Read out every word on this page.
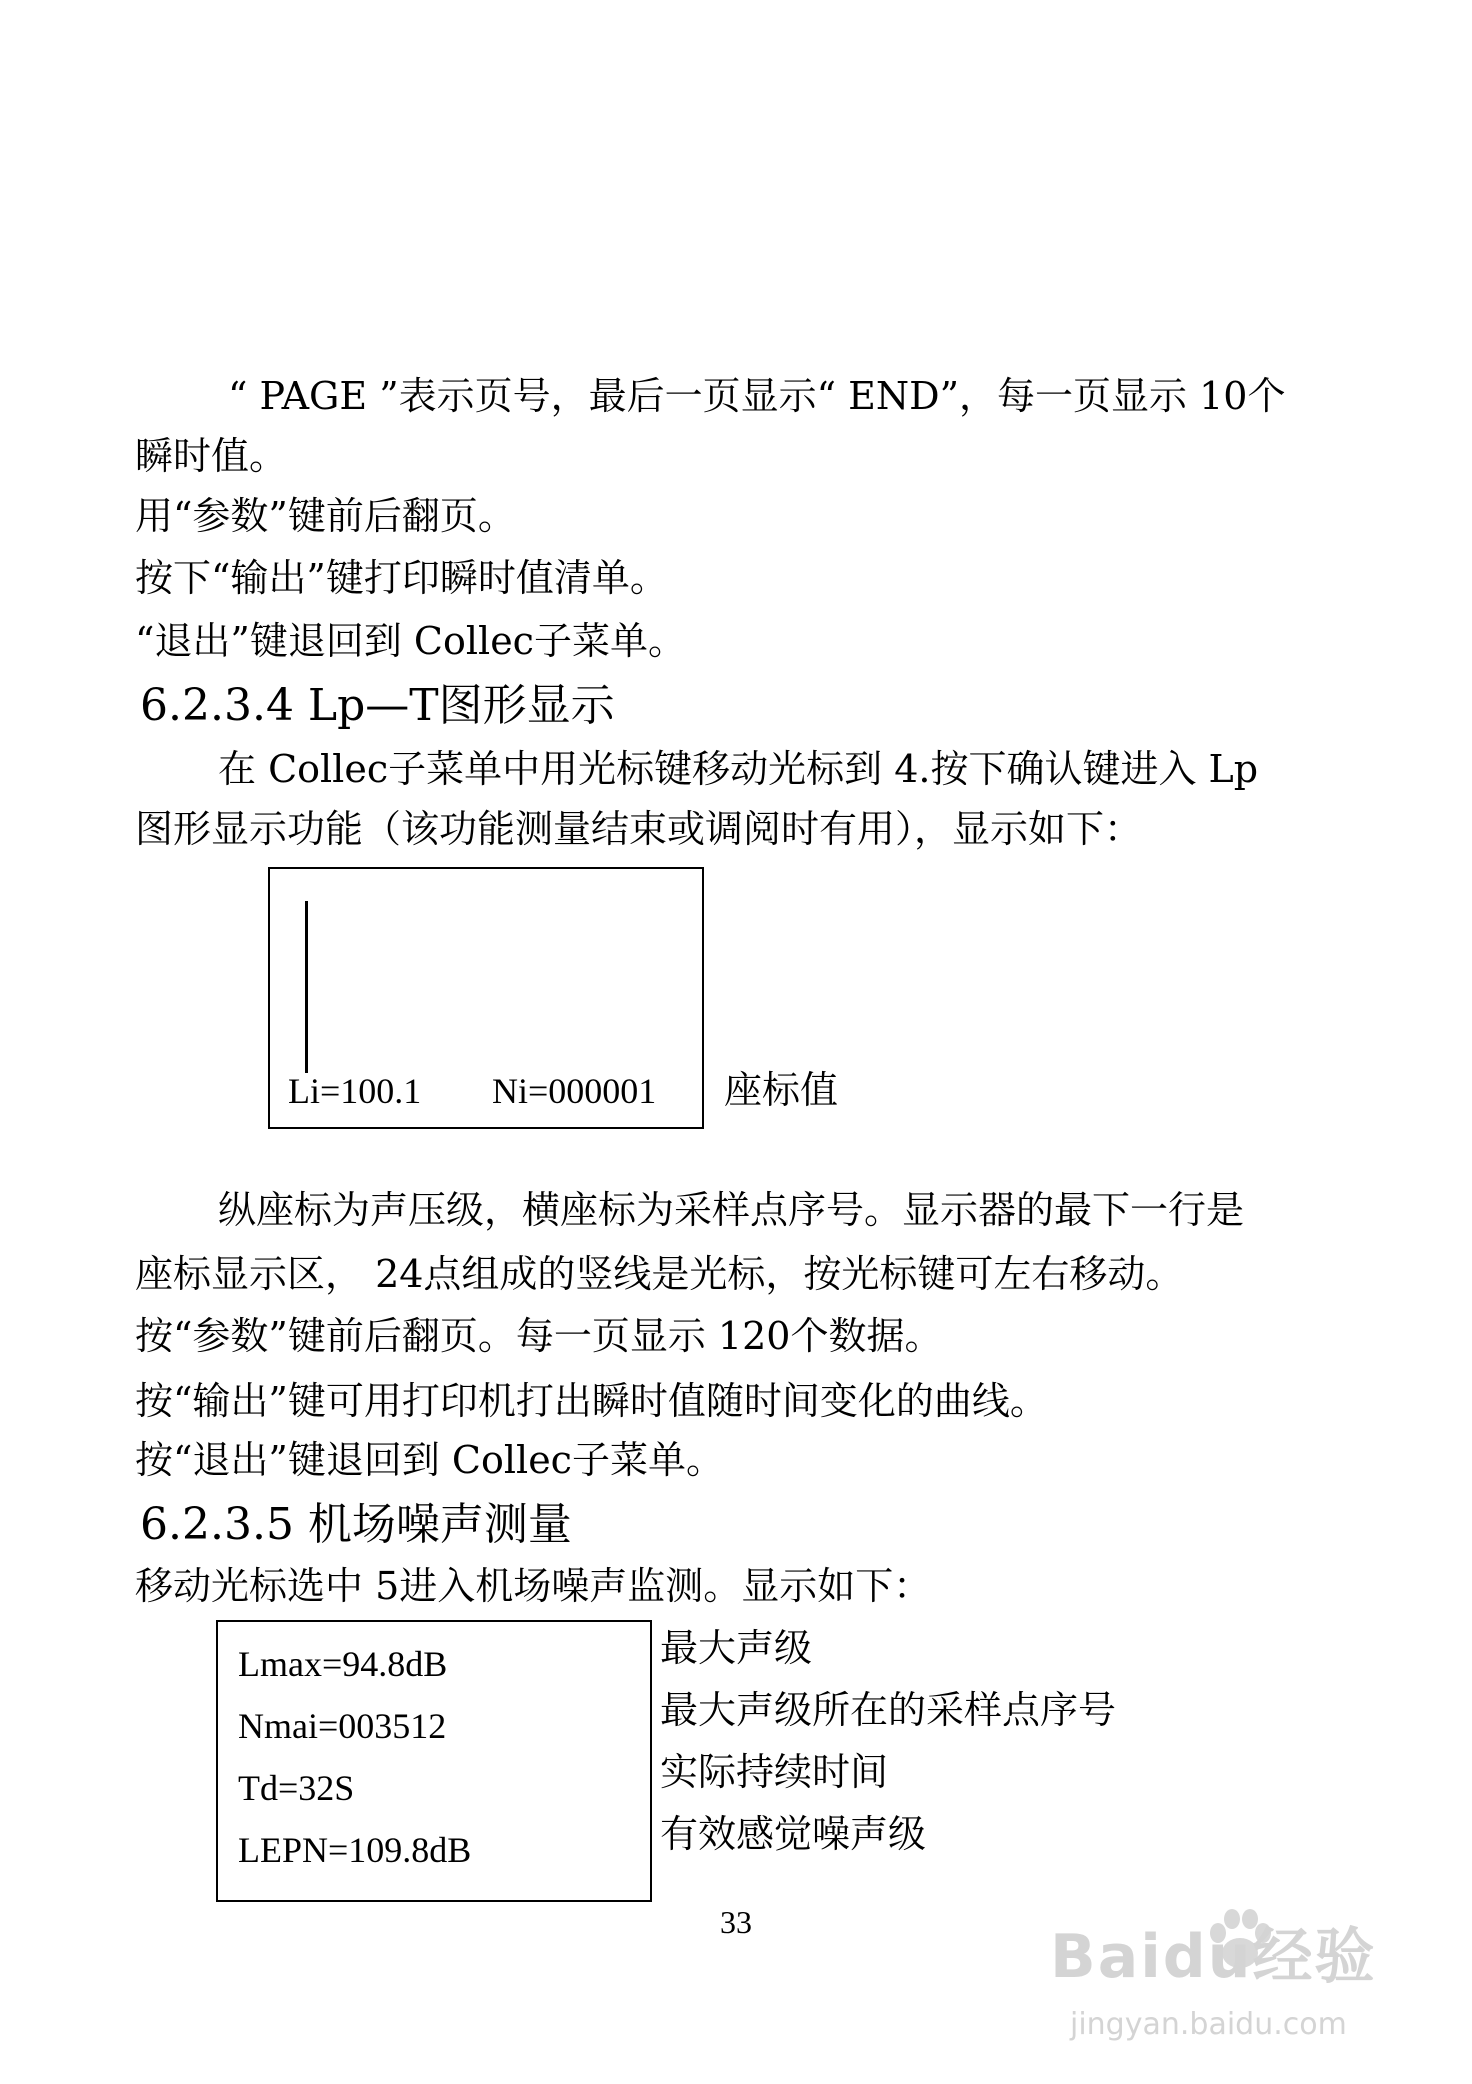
“ PAGE ”表示页号，最后一页显示“ END”，每一页显示 10个
瞬时值。
用“参数”键前后翻页。
按下“输出”键打印瞬时值清单。
“退出”键退回到 Collec子菜单。
6.2.3.4 Lp—T图形显示
在 Collec子菜单中用光标键移动光标到 4.按下确认键进入 Lp
图形显示功能（该功能测量结束或调阅时有用），显示如下：
Li=100.1 Ni=000001 座标值
纵座标为声压级，横座标为采样点序号。显示器的最下一行是
座标显示区， 24点组成的竖线是光标，按光标键可左右移动。
按“参数”键前后翻页。每一页显示 120个数据。
按“输出”键可用打印机打出瞬时值随时间变化的曲线。
按“退出”键退回到 Collec子菜单。
6.2.3.5 机场噪声测量
移动光标选中 5进入机场噪声监测。显示如下：
Lmax=94.8dB
Nmai=003512
Td=32S
LEPN=109.8dB
最大声级
最大声级所在的采样点序号
实际持续时间
有效感觉噪声级
33	Baidu经验
jingyan.baidu.com
